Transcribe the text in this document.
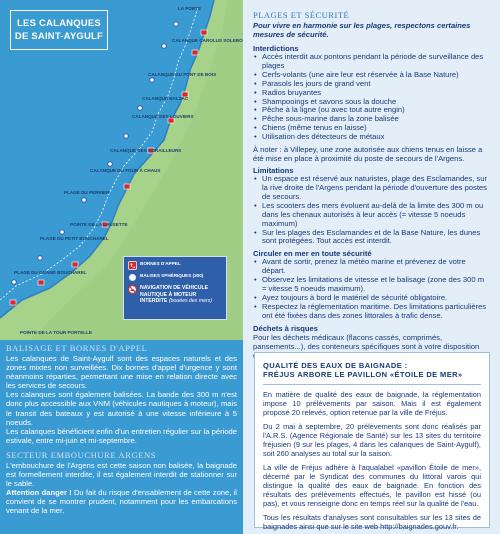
LES CALANQUES
DE SAINT-AYGULF
LA PORTE
CALANQUE CAROLUS SOLEBO
CALANQUE DU PONT DE BOIS
CALANQUE BALZAC
CALANQUE DES LOUVIERS
CALANQUE DES CORAILLEURS
CALANQUE DU FOUR À CHAUX
PLAGE DU PERRIER
POINTE DE LA LAUSETTE
PLAGE DU PETIT BOUCHAREL
PLAGE DU GRAND BOUCHAREL
POINTE DE LA TOUR PORTELLE
BORNES D'APPEL
BALISES SPHÉRIQUES (300)
NAVIGATION DE VÉHICULE
NAUTIQUE À MOTEUR
INTERDITE (bouées des mers)
BALISAGE ET BORNES D'APPEL

Les calanques de Saint-Aygulf sont des espaces naturels et des zones mixtes non surveillées. Dix bornes d'appel d'urgence y sont néanmoins réparties, permettant une mise en relation directe avec les services de secours.

Les calanques sont également balisées. La bande des 300 m n'est donc plus accessible aux VNM (véhicules nautiques à moteur), mais le transit des bateaux y est autorisé à une vitesse inférieure à 5 noeuds.

Les calanques bénéficient enfin d'un entretien régulier sur la période estivale, entre mi-juin et mi-septembre.

SECTEUR EMBOUCHURE ARGENS

L'embouchure de l'Argens est cette saison non balisée, la baignade est formellement interdite, il est également interdit de stationner sur le sable.

Attention danger ! Du fait du risque d'ensablement de cette zone, il convient de se montrer prudent, notamment pour les embarcations venant de la mer.

PLAGES ET SÉCURITÉ
Pour vivre en harmonie sur les plages, respectons certaines mesures de sécurité.
Interdictions
• Accès interdit aux pontons pendant la période de surveillance des plages
• Cerfs-volants (une aire leur est réservée à la Base Nature)
• Parasols les jours de grand vent
• Radios bruyantes
• Shampooings et savons sous la douche
• Pêche à la ligne (ou avec tout autre engin)
• Pêche sous-marine dans la zone balisée
• Chiens (même tenus en laisse)
• Utilisation des détecteurs de métaux
À noter : à Villepey, une zone autorisée aux chiens tenus en laisse a été mise en place à proximité du poste de secours de l'Argens.
Limitations
• Un espace est réservé aux naturistes, plage des Esclamandes, sur la rive droite de l'Argens pendant la période d'ouverture des postes de secours.
• Les scooters des mers évoluent au-delà de la limite des 300 m ou dans les chenaux autorisés à leur accès (= vitesse 5 noeuds maximum)
• Sur les plages des Esclamandes et de la Base Nature, les dunes sont protégées. Tout accès est interdit.
Circuler en mer en toute sécurité
• Avant de sortir, prenez la météo marine et prévenez de votre départ.
• Observez les limitations de vitesse et le balisage (zone des 300 m = vitesse 5 noeuds maximum).
• Ayez toujours à bord le matériel de sécurité obligatoire.
• Respectez la réglementation maritime. Des limitations particulières ont été fixées dans des zones littorales à trafic dense.
Déchets à risques
Pour les déchets médicaux (flacons cassés, comprimés, pansements...), des conteneurs spécifiques sont à votre disposition
QUALITÉ DES EAUX DE BAIGNADE :
FRÉJUS ARBORE LE PAVILLON «ÉTOILE DE MER»

En matière de qualité des eaux de baignade, la réglementation impose 10 prélèvements par saison. Mais il est également proposé 20 relevés, option retenue par la ville de Fréjus.

Du 2 mai à septembre, 20 prélèvements sont donc réalisés par l'A.R.S. (Agence Régionale de Santé) sur les 13 sites du territoire fréjusien (9 sur les plages, 4 dans les calanques de Saint-Aygulf), soit 260 analyses au total sur la saison.

La ville de Fréjus adhère à l'aqualabel «pavillon Étoile de mer», décerné par le Syndicat des communes du littoral varois qui distingue la qualité des eaux de baignade. En fonction des résultats des prélèvements effectués, le pavillon est hissé (ou pas), et vous renseigne donc en temps réel sur la qualité de l'eau.

Tous les résultats d'analyses sont consultables sur les 13 sites de baignades ainsi que sur le site web http://baignades.gouv.fr.
